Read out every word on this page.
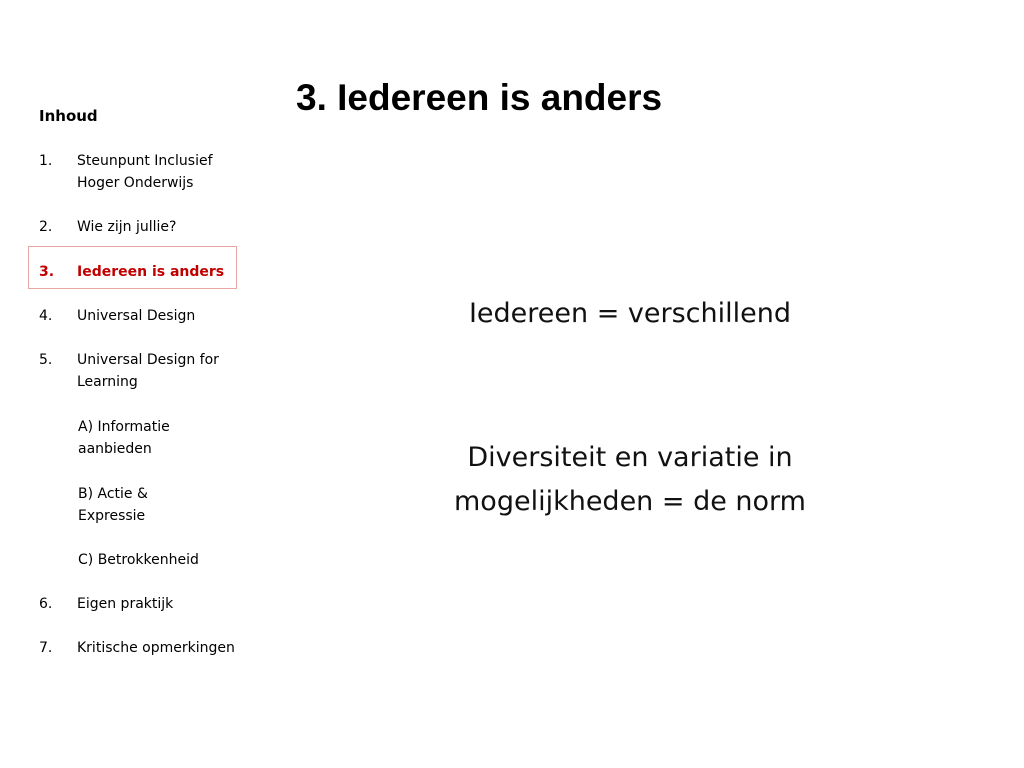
3. Iedereen is anders
Inhoud
1. Steunpunt Inclusief Hoger Onderwijs
2. Wie zijn jullie?
3. Iedereen is anders
4. Universal Design
5. Universal Design for Learning
A) Informatie aanbieden
B) Actie & Expressie
C) Betrokkenheid
6. Eigen praktijk
7. Kritische opmerkingen
Iedereen = verschillend
Diversiteit en variatie in mogelijkheden = de norm
